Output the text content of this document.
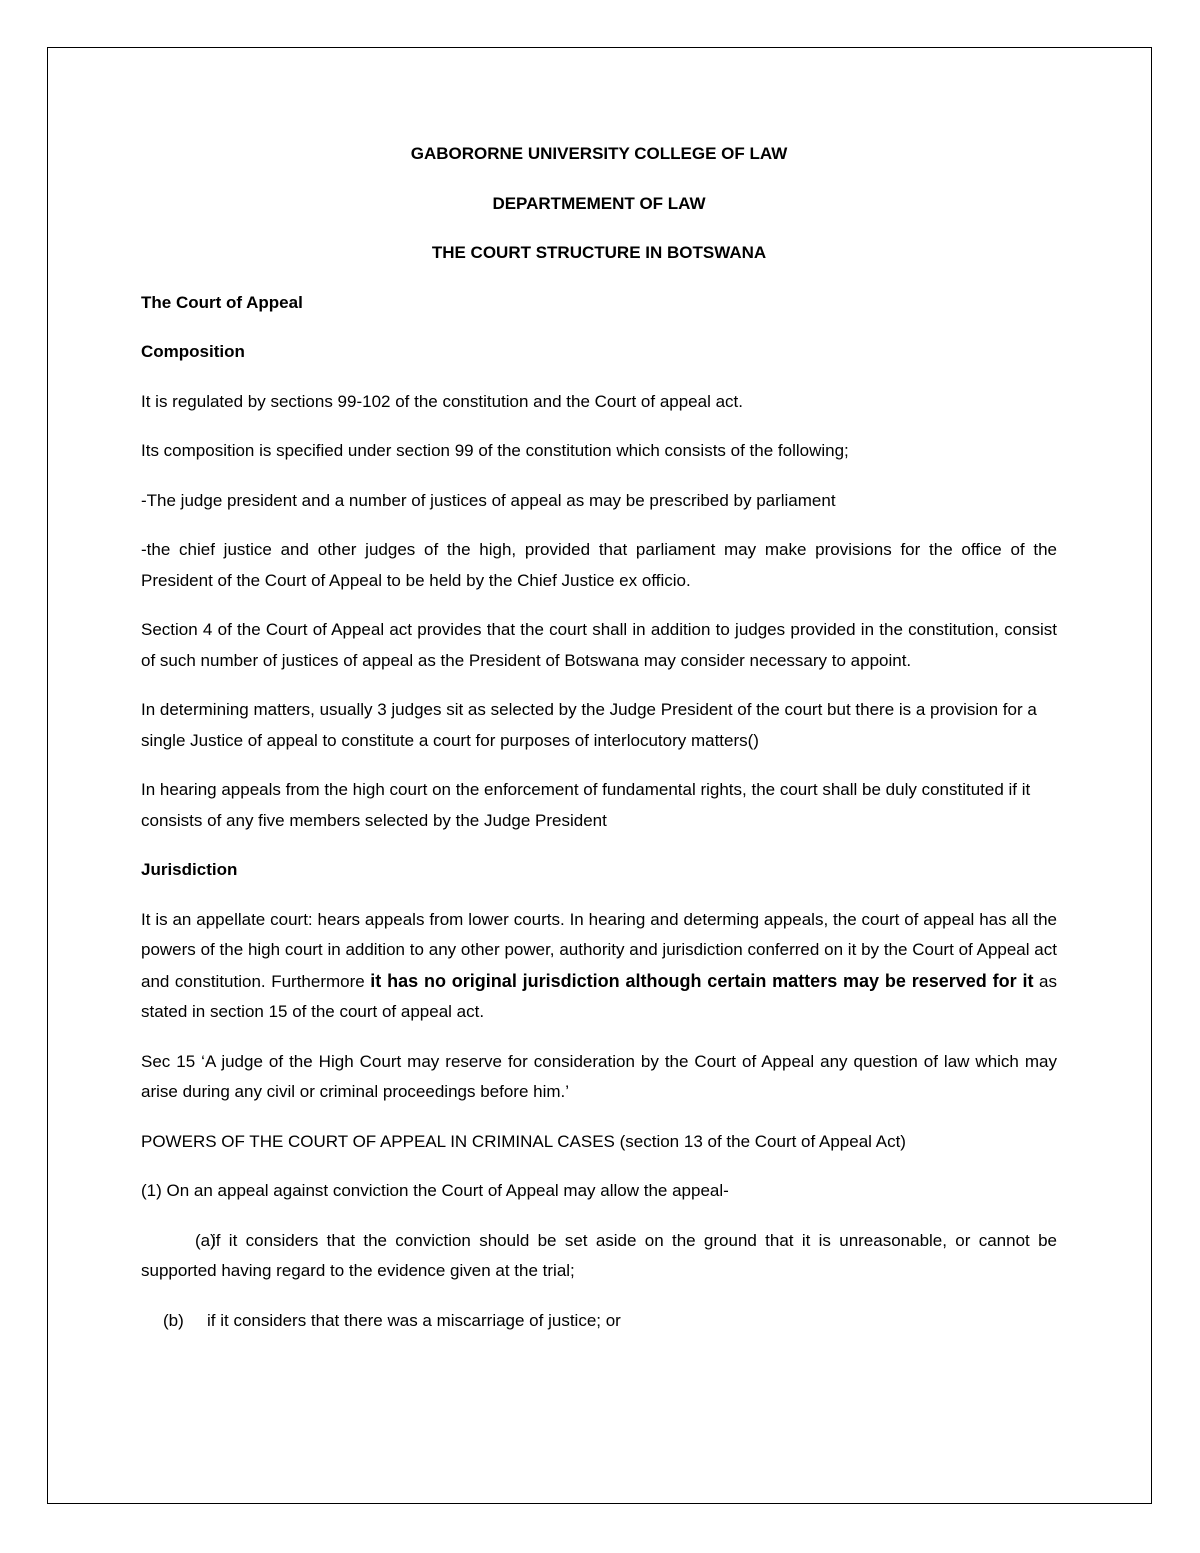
GABORORNE UNIVERSITY COLLEGE OF LAW

DEPARTMEMENT OF LAW

THE COURT STRUCTURE IN BOTSWANA

The Court of Appeal

Composition

It is regulated by sections 99-102 of the constitution and the Court of appeal act.

Its composition is specified under section 99 of the constitution which consists of the following;

-The judge president and a number of justices of appeal as may be prescribed by parliament

-the chief justice and other judges of the high, provided that parliament may make provisions for the office of the President of the Court of Appeal to be held by the Chief Justice ex officio.

Section 4 of the Court of Appeal act provides that the court shall in addition to judges provided in the constitution, consist of such number of justices of appeal as the President of Botswana may consider necessary to appoint.

In determining matters, usually 3 judges sit as selected by the Judge President of the court but there is a provision for a single Justice of appeal to constitute a court for purposes of interlocutory matters()

In hearing appeals from the high court on the enforcement of fundamental rights, the court shall be duly constituted if it consists of any five members selected by the Judge President

Jurisdiction

It is an appellate court: hears appeals from lower courts. In hearing and determing appeals, the court of appeal has all the powers of the high court in addition to any other power, authority and jurisdiction conferred on it by the Court of Appeal act and constitution. Furthermore it has no original jurisdiction although certain matters may be reserved for it as stated in section 15 of the court of appeal act.

Sec 15 ‘A judge of the High Court may reserve for consideration by the Court of Appeal any question of law which may arise during any civil or criminal proceedings before him.’

POWERS OF THE COURT OF APPEAL IN CRIMINAL CASES (section 13 of the Court of Appeal Act)

(1) On an appeal against conviction the Court of Appeal may allow the appeal-

(a)if it considers that the conviction should be set aside on the ground that it is unreasonable, or cannot be supported having regard to the evidence given at the trial;

(b) if it considers that there was a miscarriage of justice; or
